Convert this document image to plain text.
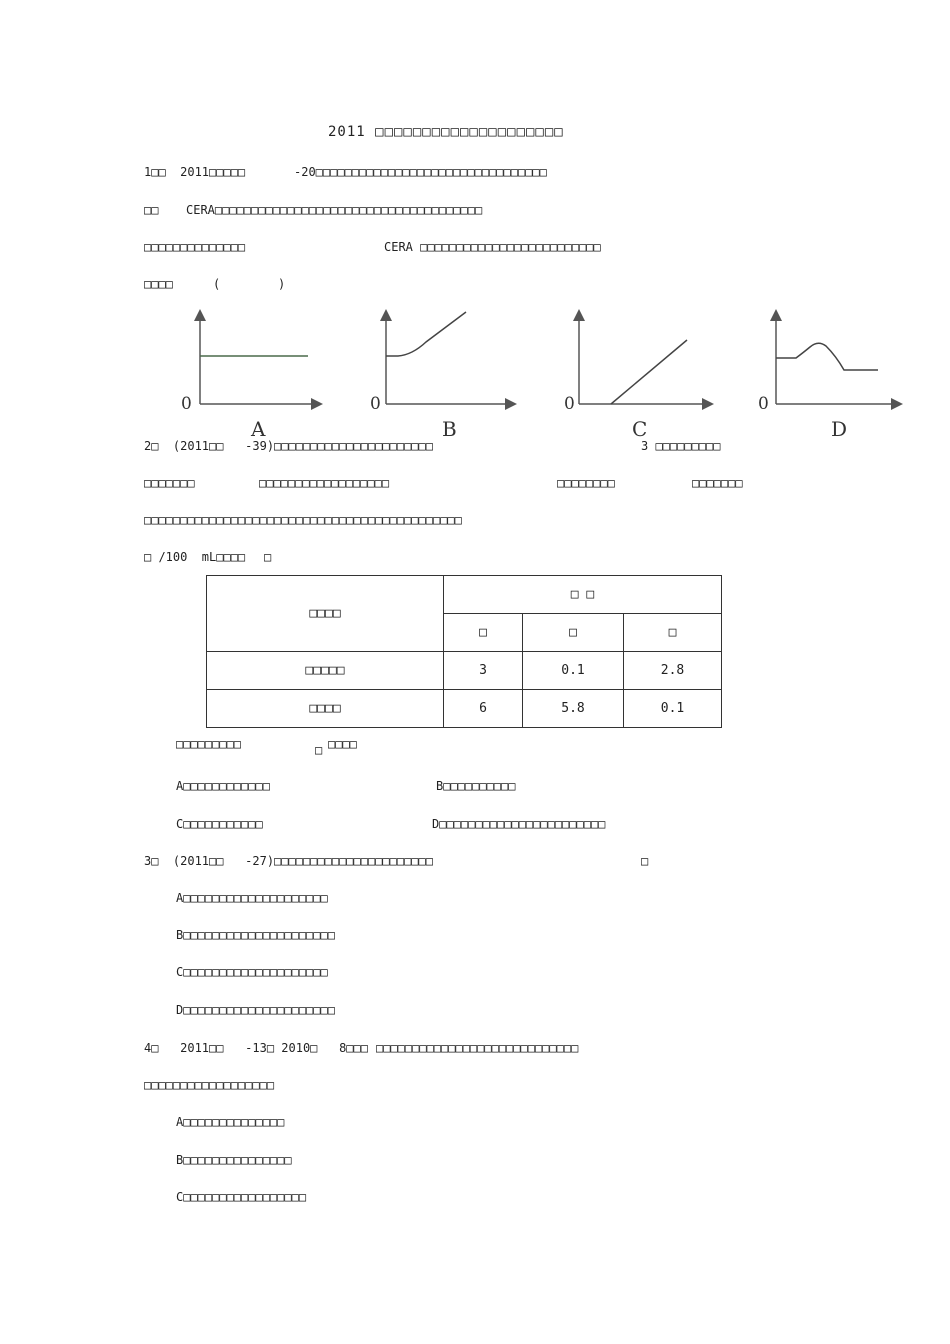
2011 □□□□□□□□□□□□□□□□□□□□
1□□  2011□□□□□	-20□□□□□□□□□□□□□□□□□□□□□□□□□□□□□□□□
□□ CERA□□□□□□□□□□□□□□□□□□□□□□□□□□□□□□□□□□□□□
□□□□□□□□□□□□□□	CERA □□□□□□□□□□□□□□□□□□□□□□□□□
□□□□	(        )
0
A
0
B
0
C
0
D
2□  (2011□□   -39)□□□□□□□□□□□□□□□□□□□□□□	3 □□□□□□□□□
□□□□□□□	□□□□□□□□□□□□□□□□□□	□□□□□□□□	□□□□□□□
□□□□□□□□□□□□□□□□□□□□□□□□□□□□□□□□□□□□□□□□□□□□
□ /100  mL□□□□ □
□□□□	□ □		
	□	□	□
□□□□□	3	0.1	2.8
□□□□	6	5.8	0.1
□□□□□□□□□	□ □□□□
A□□□□□□□□□□□□	B□□□□□□□□□□
C□□□□□□□□□□□	D□□□□□□□□□□□□□□□□□□□□□□□
3□  (2011□□   -27)□□□□□□□□□□□□□□□□□□□□□□	□
A□□□□□□□□□□□□□□□□□□□□
B□□□□□□□□□□□□□□□□□□□□□
C□□□□□□□□□□□□□□□□□□□□
D□□□□□□□□□□□□□□□□□□□□□
4□   2011□□   -13□ 2010□   8□□□ □□□□□□□□□□□□□□□□□□□□□□□□□□□□
□□□□□□□□□□□□□□□□□□
A□□□□□□□□□□□□□□
B□□□□□□□□□□□□□□□
C□□□□□□□□□□□□□□□□□
